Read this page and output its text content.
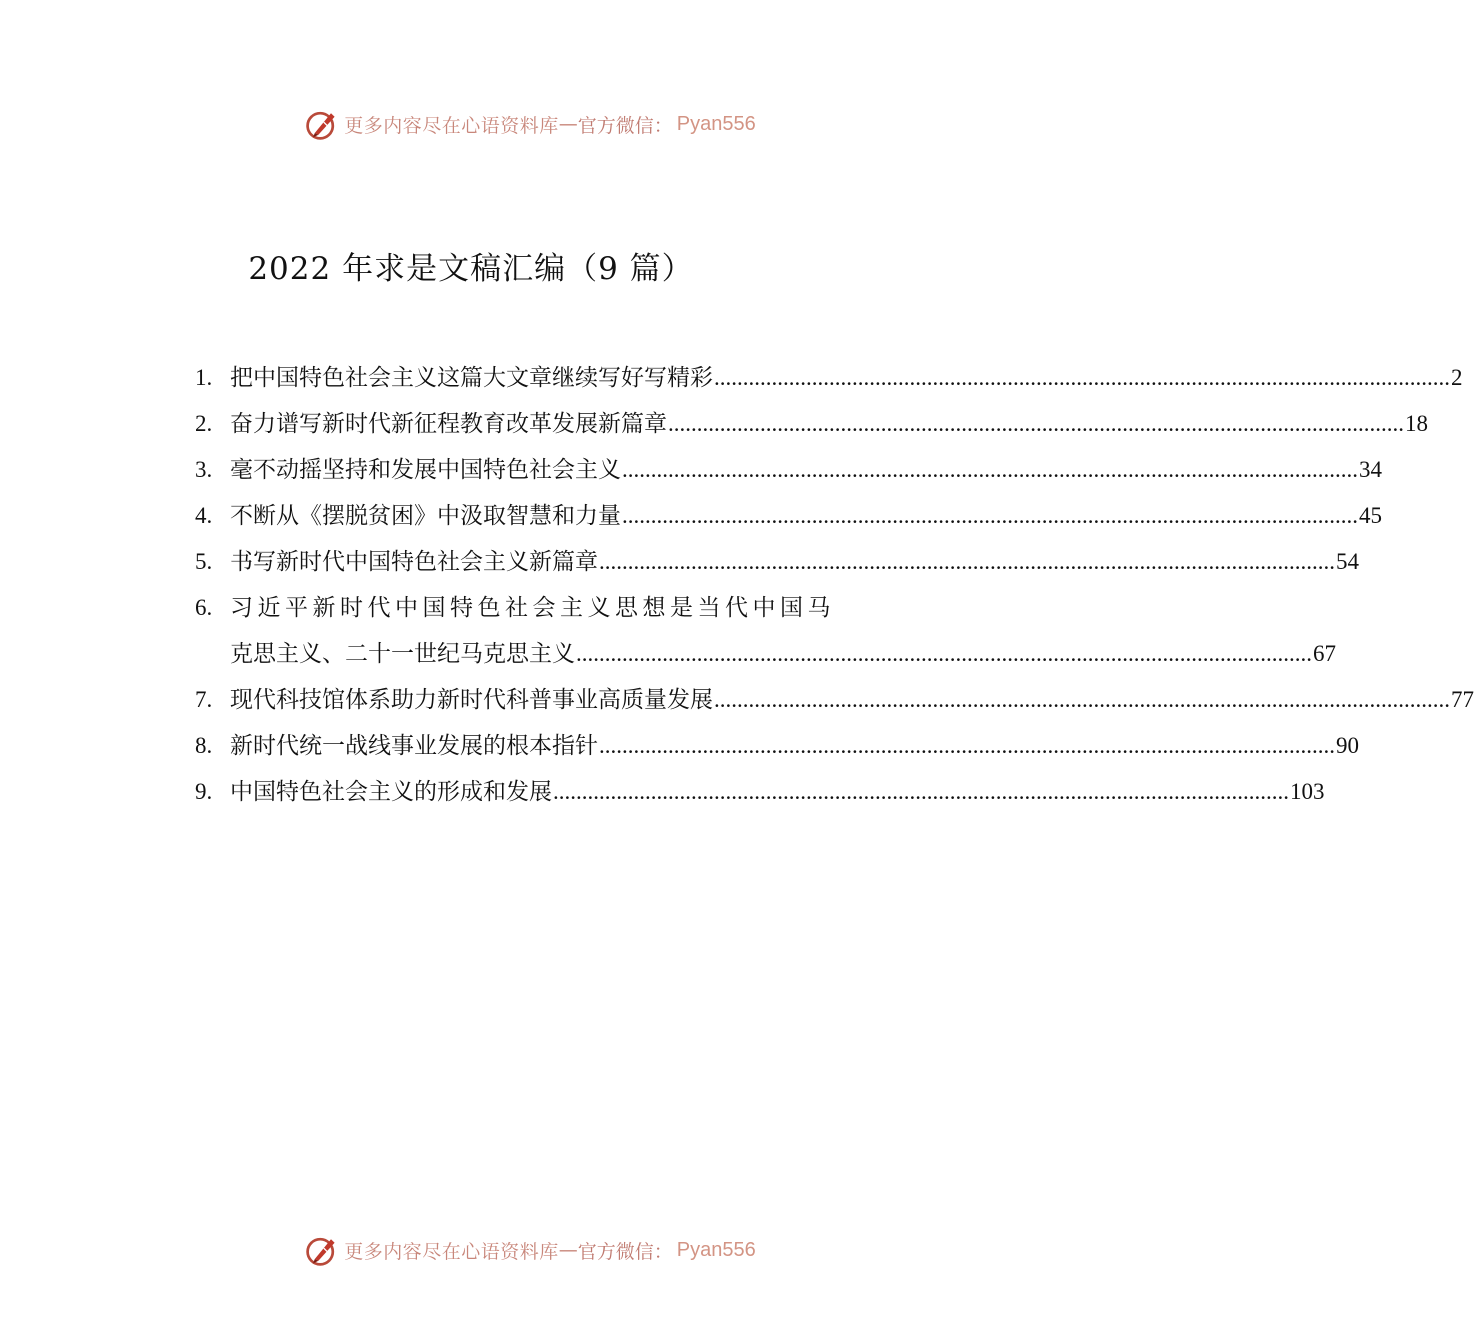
更多内容尽在心语资料库 — 官方微信： Pyan556
2022 年求是文稿汇编（9 篇）
1. 把中国特色社会主义这篇大文章继续写好写精彩 .....	2
2. 奋力谱写新时代新征程教育改革发展新篇章 .....	18
3. 毫不动摇坚持和发展中国特色社会主义 .....	34
4. 不断从《摆脱贫困》中汲取智慧和力量 .....	45
5. 书写新时代中国特色社会主义新篇章 .....	54
6. 习近平新时代中国特色社会主义思想是当代中国马
克思主义、二十一世纪马克思主义 .....	67
7. 现代科技馆体系助力新时代科普事业高质量发展 .....	77
8. 新时代统一战线事业发展的根本指针 .....	90
9. 中国特色社会主义的形成和发展 .....	103
更多内容尽在心语资料库 — 官方微信： Pyan556
